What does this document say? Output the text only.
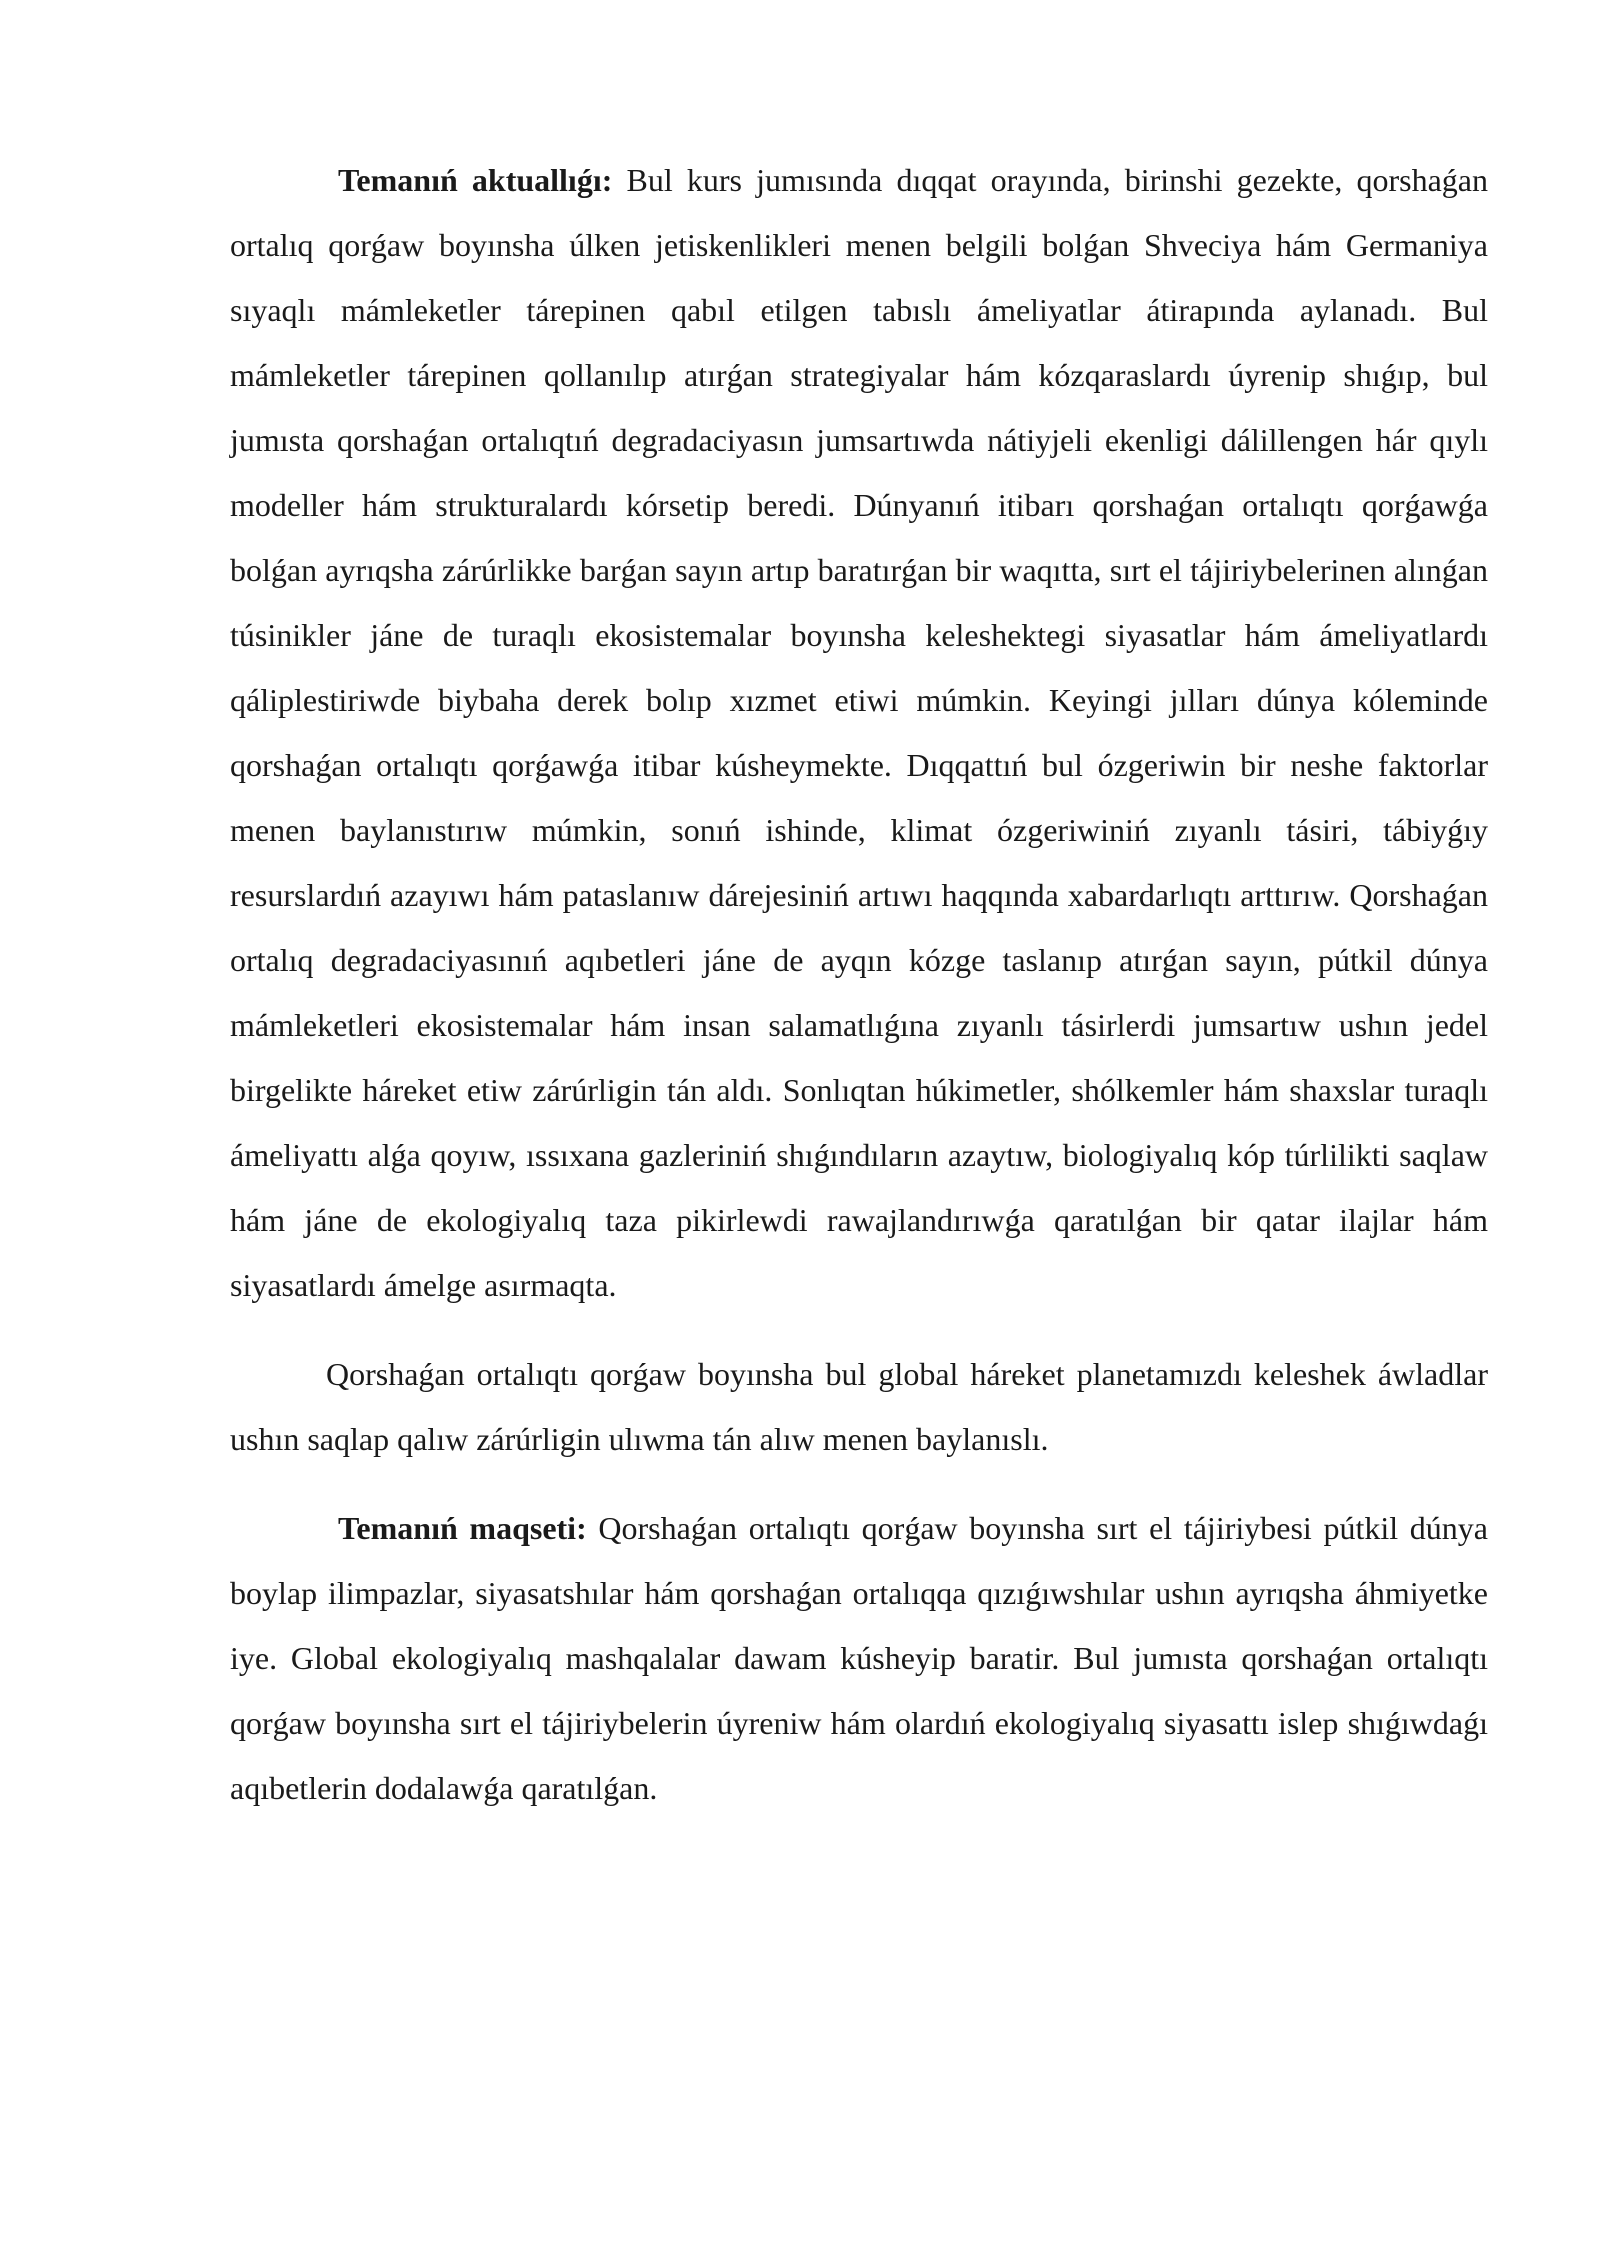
Temanıń aktuallıǵı: Bul kurs jumısında dıqqat orayında, birinshi gezekte, qorshaǵan ortalıq qorǵaw boyınsha úlken jetiskenlikleri menen belgili bolǵan Shveciya hám Germaniya sıyaqlı mámleketler tárepinen qabıl etilgen tabıslı ámeliyatlar átirapında aylanadı. Bul mámleketler tárepinen qollanılıp atırǵan strategiyalar hám kózqaraslardı úyrenip shıǵıp, bul jumısta qorshaǵan ortalıqtıń degradaciyasın jumsartıwda nátiyjeli ekenligi dálillengen hár qıylı modeller hám strukturalardı kórsetip beredi. Dúnyanıń itibarı qorshaǵan ortalıqtı qorǵawǵa bolǵan ayrıqsha zárúrlikke barǵan sayın artıp baratırǵan bir waqıtta, sırt el tájiriybelerinen alınǵan túsinikler jáne de turaqlı ekosistemalar boyınsha keleshektegi siyasatlar hám ámeliyatlardı qáliplestiriwde biybaha derek bolıp xızmet etiwi múmkin. Keyingi jılları dúnya kóleminde qorshaǵan ortalıqtı qorǵawǵa itibar kúsheymekte. Dıqqattıń bul ózgeriwin bir neshe faktorlar menen baylanıstırıw múmkin, sonıń ishinde, klimat ózgeriwiniń zıyanlı tásiri, tábiyǵıy resurslardıń azayıwı hám pataslanıw dárejesiniń artıwı haqqında xabardarlıqtı arttırıw. Qorshaǵan ortalıq degradaciyasınıń aqıbetleri jáne de ayqın kózge taslanıp atırǵan sayın, pútkil dúnya mámleketleri ekosistemalar hám insan salamatlıǵına zıyanlı tásirlerdi jumsartıw ushın jedel birgelikte háreket etiw zárúrligin tán aldı. Sonlıqtan húkimetler, shólkemler hám shaxslar turaqlı ámeliyattı alǵa qoyıw, ıssıxana gazleriniń shıǵındıların azaytıw, biologiyalıq kóp túrlilikti saqlaw hám jáne de ekologiyalıq taza pikirlewdi rawajlandırıwǵa qaratılǵan bir qatar ilajlar hám siyasatlardı ámelge asırmaqta.

Qorshaǵan ortalıqtı qorǵaw boyınsha bul global háreket planetamızdı keleshek áwladlar ushın saqlap qalıw zárúrligin ulıwma tán alıw menen baylanıslı.

Temanıń maqseti: Qorshaǵan ortalıqtı qorǵaw boyınsha sırt el tájiriybesi pútkil dúnya boylap ilimpazlar, siyasatshılar hám qorshaǵan ortalıqqa qızıǵıwshılar ushın ayrıqsha áhmiyetke iye. Global ekologiyalıq mashqalalar dawam kúsheyip baratir. Bul jumısta qorshaǵan ortalıqtı qorǵaw boyınsha sırt el tájiriybelerin úyreniw hám olardıń ekologiyalıq siyasattı islep shıǵıwdaǵı aqıbetlerin dodalawǵa qaratılǵan.
